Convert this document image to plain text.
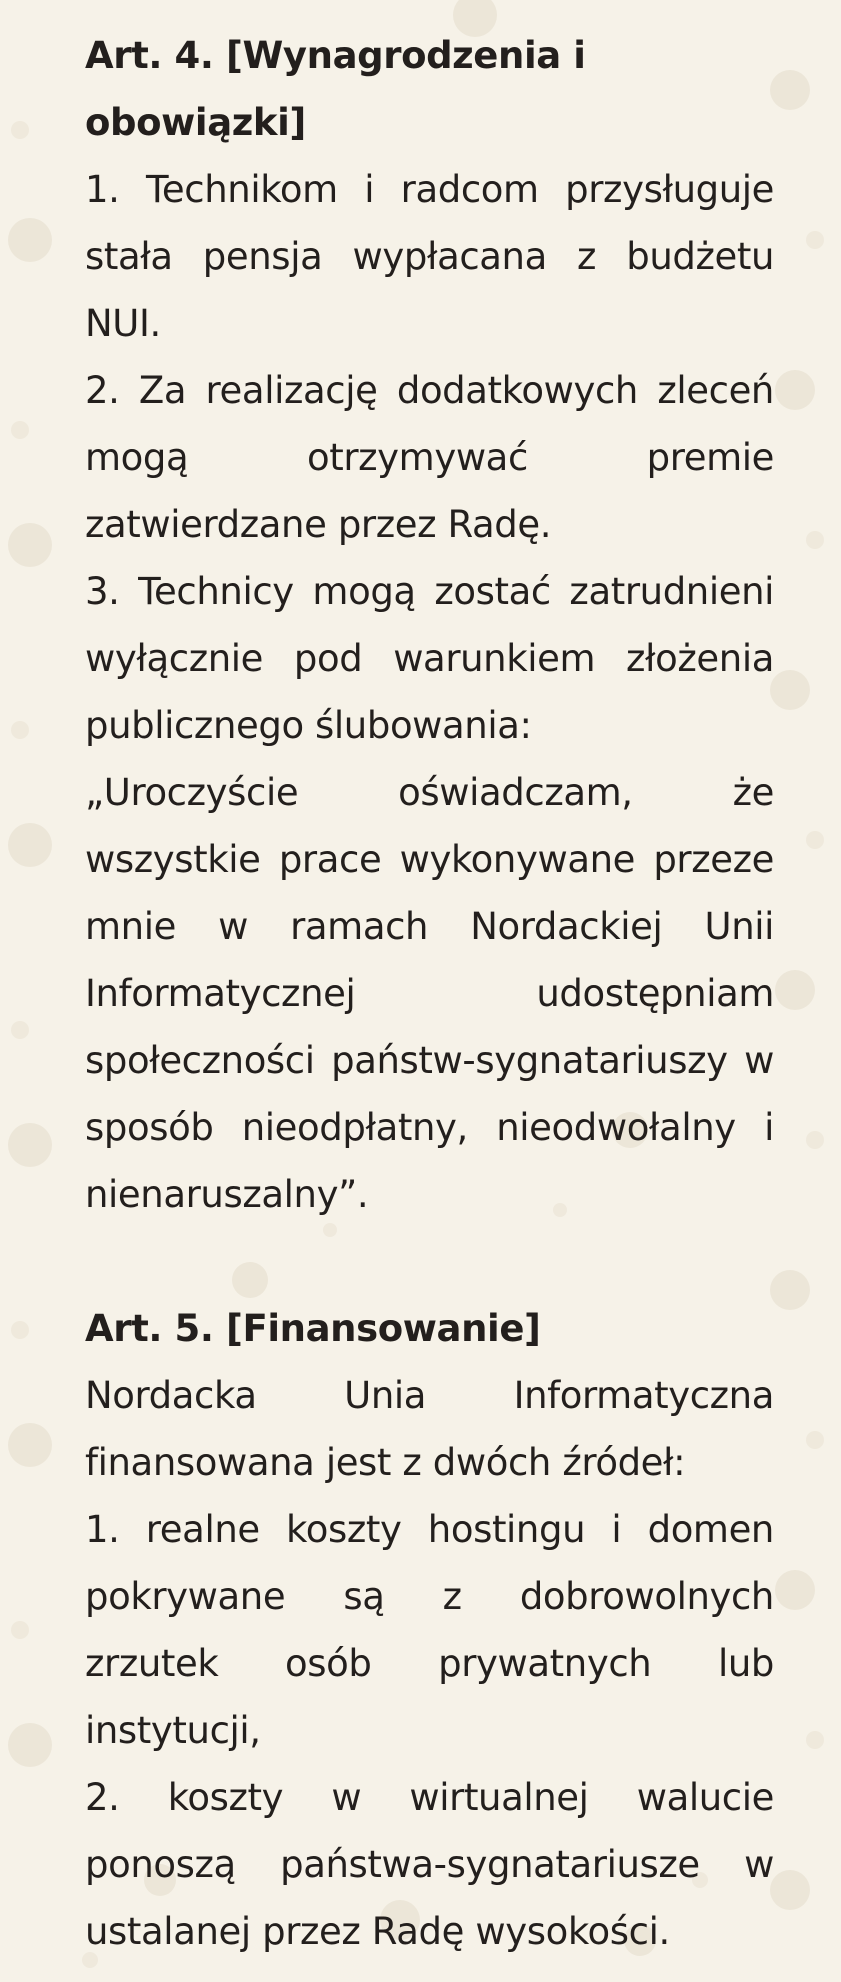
Art. 4. [Wynagrodzenia i obowiązki]

1. Technikom i radcom przysługuje stała pensja wypłacana z budżetu NUI.

2. Za realizację dodatkowych zleceń mogą otrzymywać premie zatwierdzane przez Radę.

3. Technicy mogą zostać zatrudnieni wyłącznie pod warunkiem złożenia publicznego ślubowania:

„Uroczyście oświadczam, że wszystkie prace wykonywane przeze mnie w ramach Nordackiej Unii Informatycznej udostępniam społeczności państw-sygnatariuszy w sposób nieodpłatny, nieodwołalny i nienaruszalny”.

Art. 5. [Finansowanie]

Nordacka Unia Informatyczna finansowana jest z dwóch źródeł:

1. realne koszty hostingu i domen pokrywane są z dobrowolnych zrzutek osób prywatnych lub instytucji,

2. koszty w wirtualnej walucie ponoszą państwa-sygnatariusze w ustalanej przez Radę wysokości.
